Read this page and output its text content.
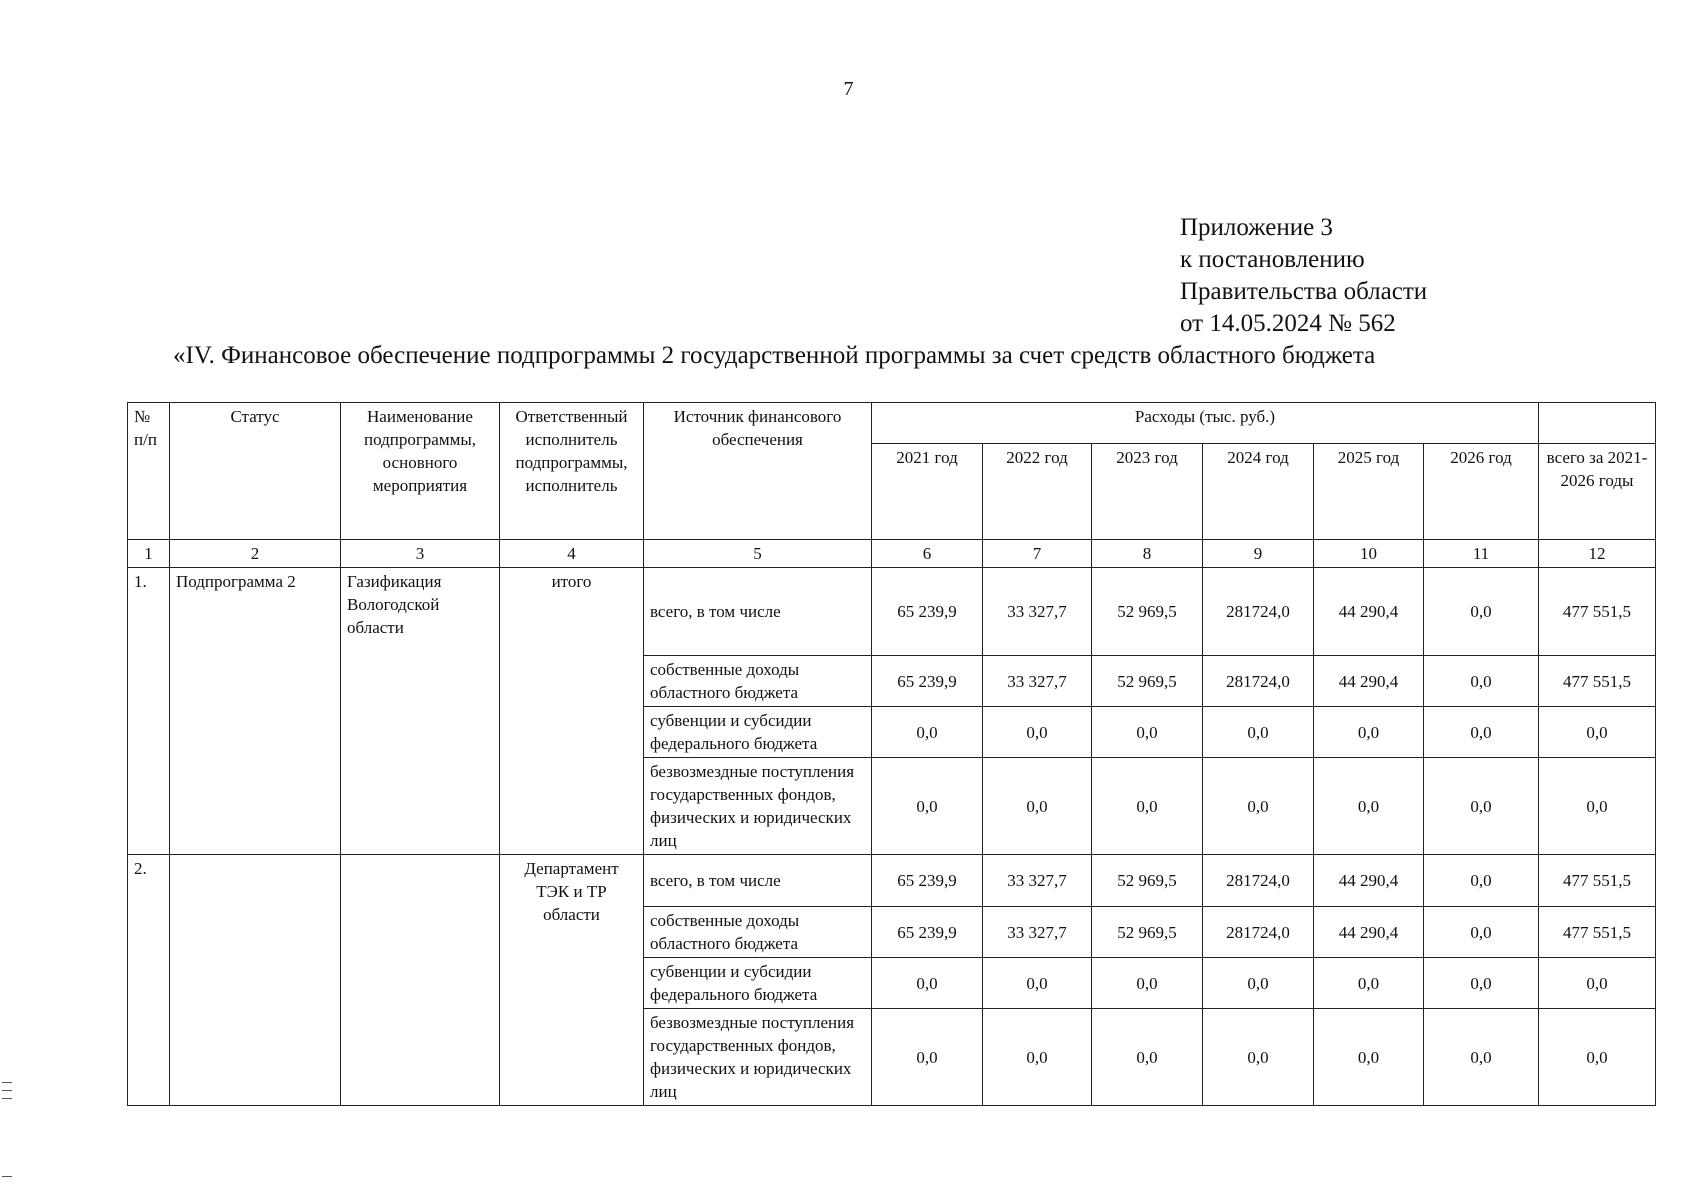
7
Приложение 3
к постановлению
Правительства области
от 14.05.2024 № 562
«IV. Финансовое обеспечение подпрограммы 2 государственной программы за счет средств областного бюджета
№ п/п	Статус	Наименование подпрограммы, основного мероприятия	Ответственный исполнитель подпрограммы, исполнитель	Источник финансового обеспечения	Расходы (тыс. руб.)						
					2021 год	2022 год	2023 год	2024 год	2025 год	2026 год	всего за 2021-2026 годы
1	2	3	4	5	6	7	8	9	10	11	12
1.	Подпрограмма 2	Газификация Вологодской области	итого	всего, в том числе	65 239,9	33 327,7	52 969,5	281724,0	44 290,4	0,0	477 551,5
				собственные доходы областного бюджета	65 239,9	33 327,7	52 969,5	281724,0	44 290,4	0,0	477 551,5
				субвенции и субсидии федерального бюджета	0,0	0,0	0,0	0,0	0,0	0,0	0,0
				безвозмездные поступления государственных фондов, физических и юридических лиц	0,0	0,0	0,0	0,0	0,0	0,0	0,0
2.			Департамент ТЭК и ТР области	всего, в том числе	65 239,9	33 327,7	52 969,5	281724,0	44 290,4	0,0	477 551,5
				собственные доходы областного бюджета	65 239,9	33 327,7	52 969,5	281724,0	44 290,4	0,0	477 551,5
				субвенции и субсидии федерального бюджета	0,0	0,0	0,0	0,0	0,0	0,0	0,0
				безвозмездные поступления государственных фондов, физических и юридических лиц	0,0	0,0	0,0	0,0	0,0	0,0	0,0
